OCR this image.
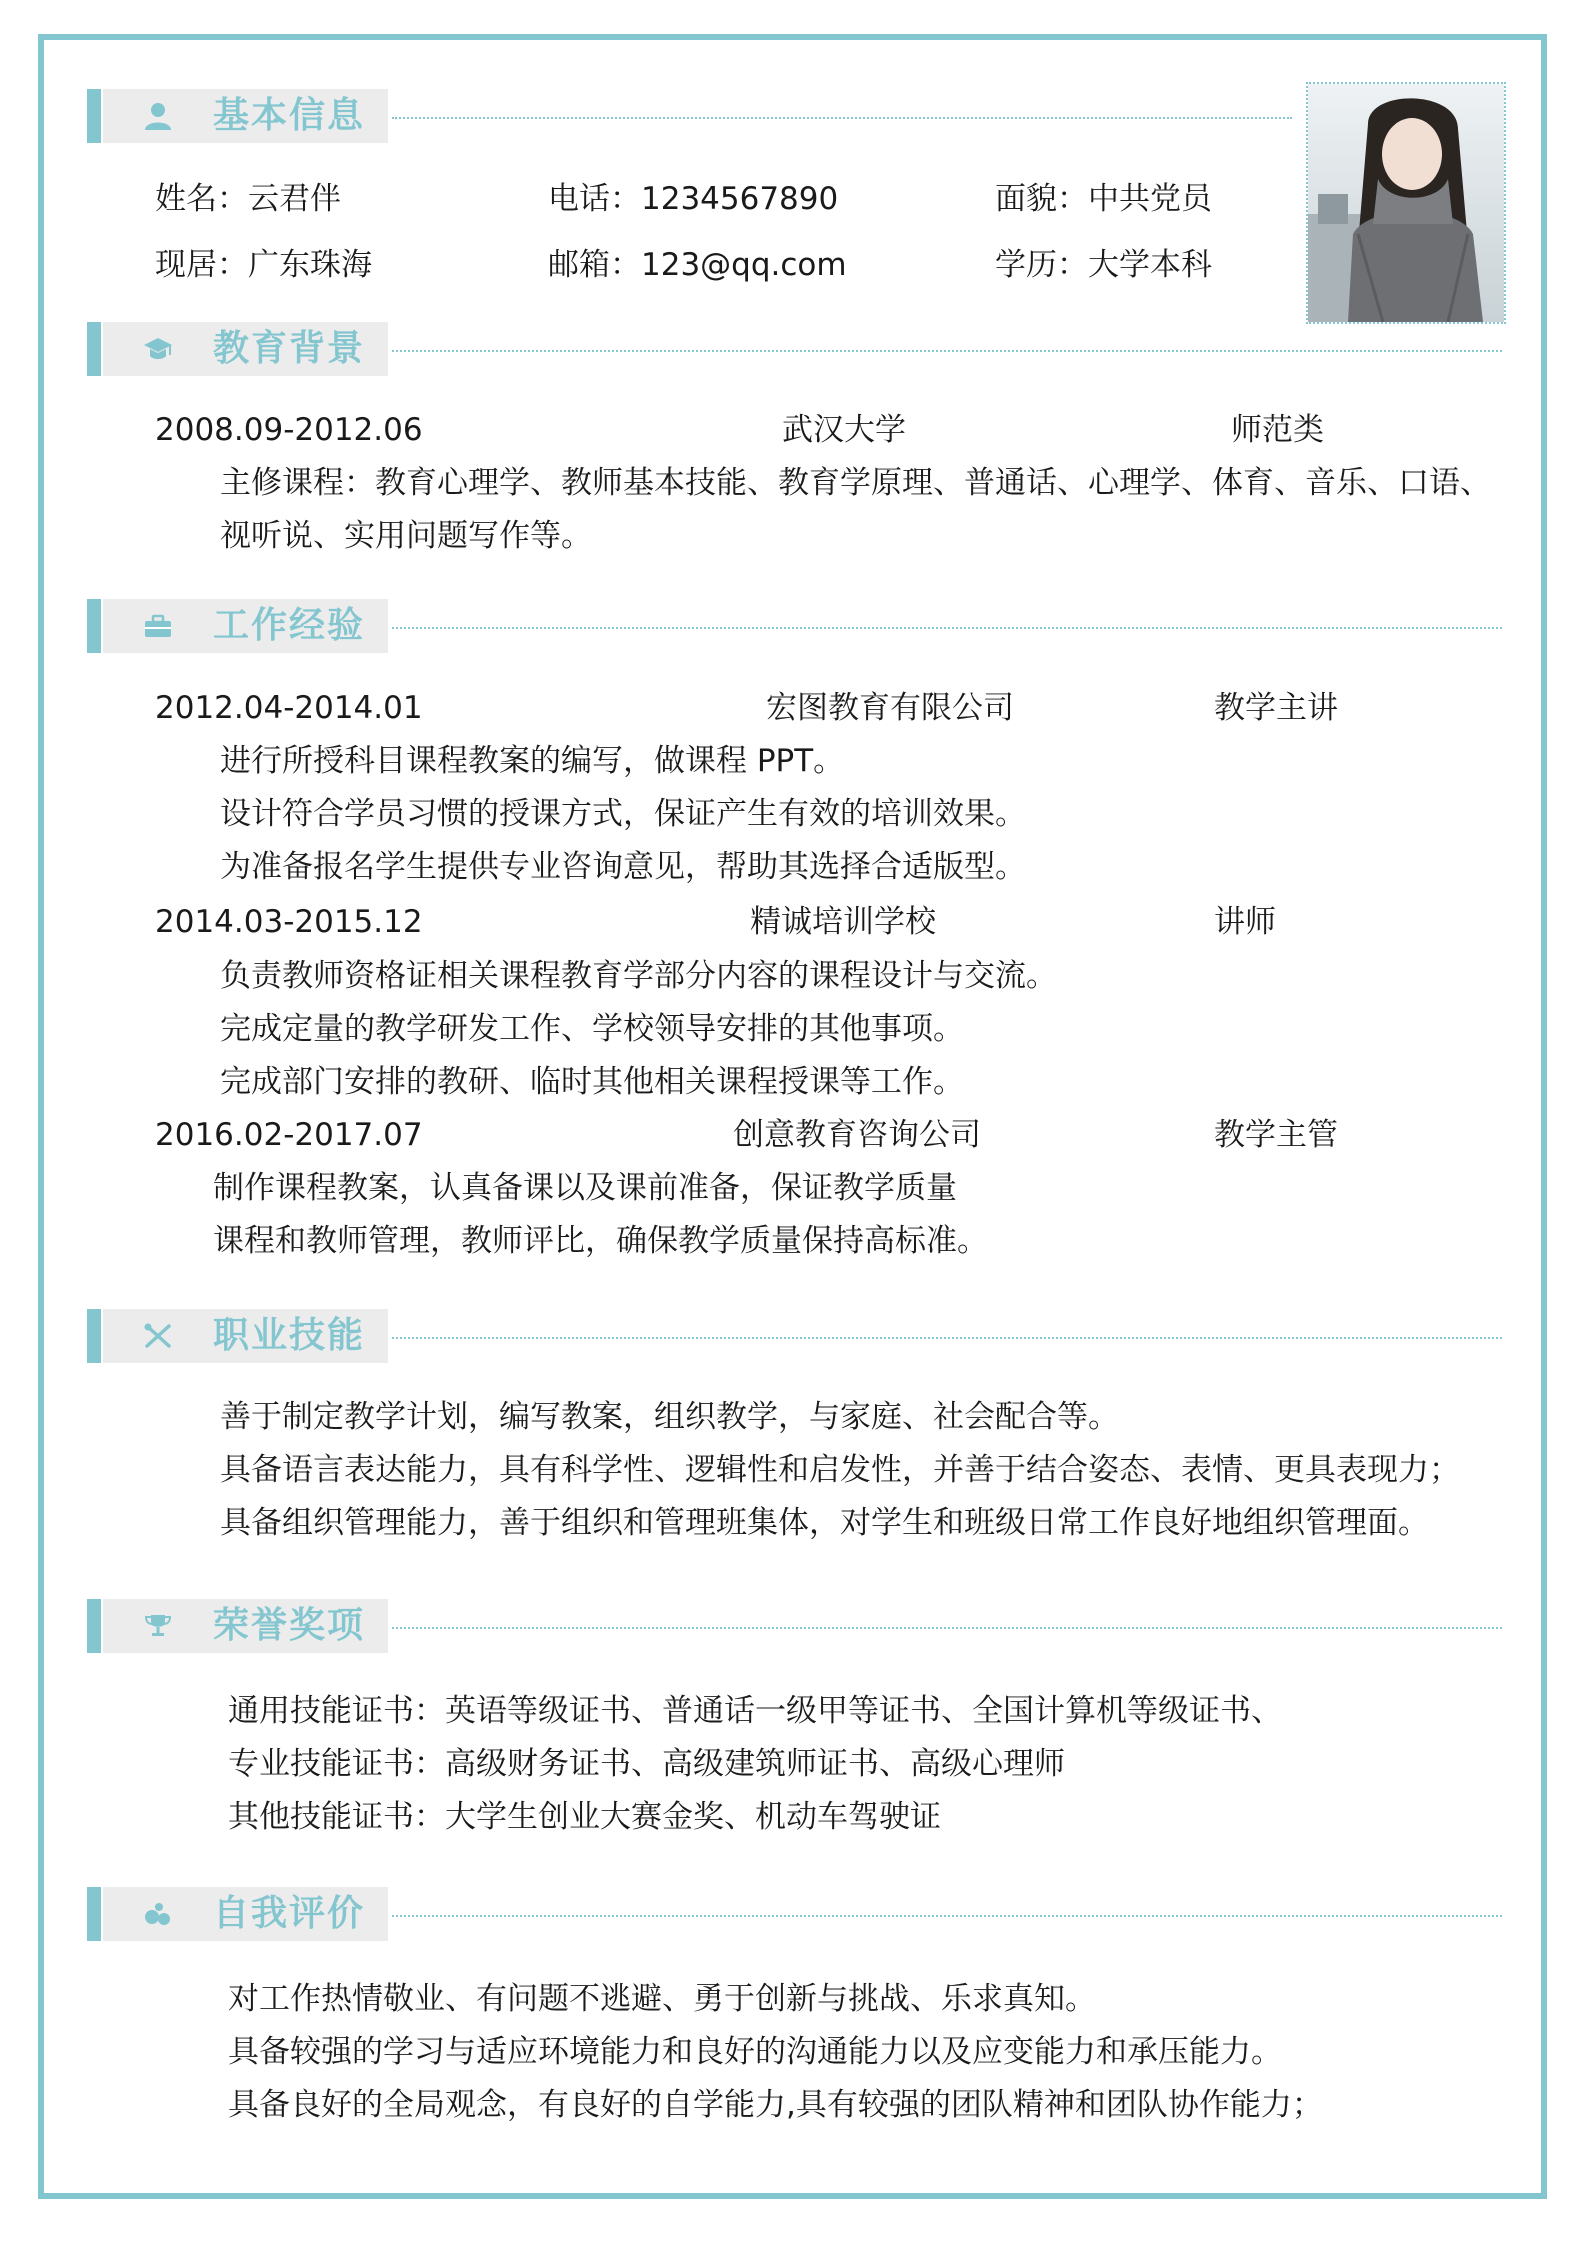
基本信息
姓名：云君伴	电话：1234567890	面貌：中共党员
现居：广东珠海	邮箱：123@qq.com	学历：大学本科
教育背景
2008.09-2012.06	武汉大学	师范类
主修课程：教育心理学、教师基本技能、教育学原理、普通话、心理学、体育、音乐、口语、
视听说、实用问题写作等。
工作经验
2012.04-2014.01	宏图教育有限公司	教学主讲
进行所授科目课程教案的编写，做课程 PPT。
设计符合学员习惯的授课方式，保证产生有效的培训效果。
为准备报名学生提供专业咨询意见，帮助其选择合适版型。
2014.03-2015.12	精诚培训学校	讲师
负责教师资格证相关课程教育学部分内容的课程设计与交流。
完成定量的教学研发工作、学校领导安排的其他事项。
完成部门安排的教研、临时其他相关课程授课等工作。
2016.02-2017.07	创意教育咨询公司	教学主管
制作课程教案，认真备课以及课前准备，保证教学质量
课程和教师管理，教师评比，确保教学质量保持高标准。
职业技能
善于制定教学计划，编写教案，组织教学，与家庭、社会配合等。
具备语言表达能力，具有科学性、逻辑性和启发性，并善于结合姿态、表情、更具表现力；
具备组织管理能力，善于组织和管理班集体，对学生和班级日常工作良好地组织管理面。
荣誉奖项
通用技能证书：英语等级证书、普通话一级甲等证书、全国计算机等级证书、
专业技能证书：高级财务证书、高级建筑师证书、高级心理师
其他技能证书：大学生创业大赛金奖、机动车驾驶证
自我评价
对工作热情敬业、有问题不逃避、勇于创新与挑战、乐求真知。
具备较强的学习与适应环境能力和良好的沟通能力以及应变能力和承压能力。
具备良好的全局观念，有良好的自学能力,具有较强的团队精神和团队协作能力；
